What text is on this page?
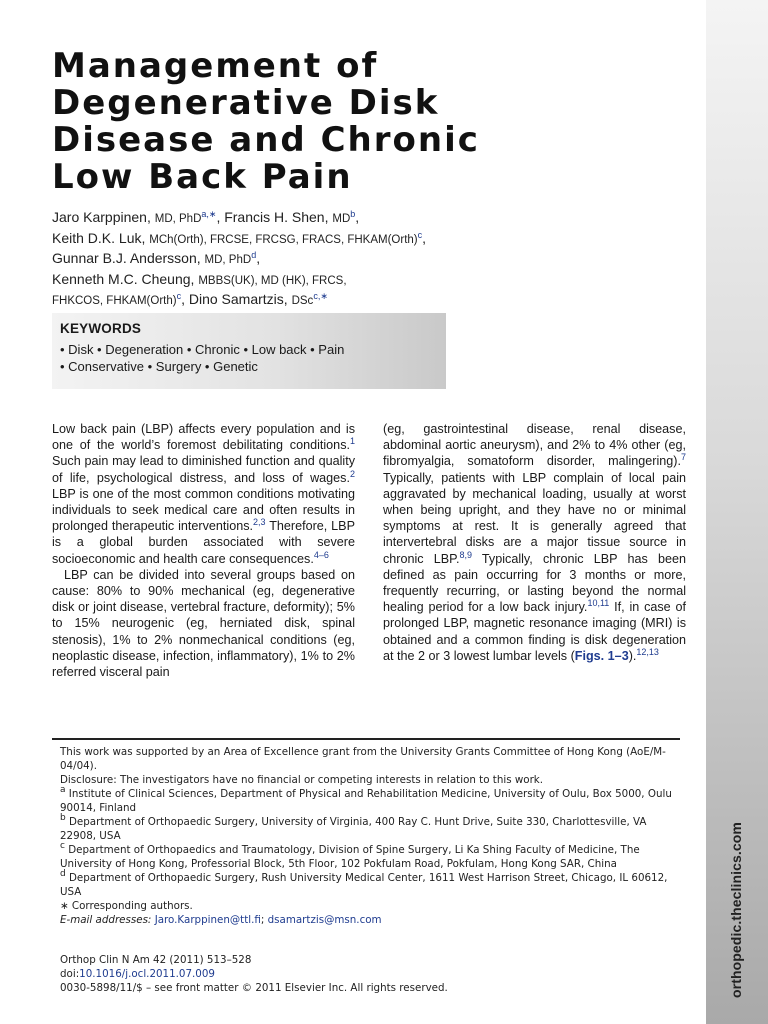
orthopedic.theclinics.com
Management of
Degenerative Disk
Disease and Chronic
Low Back Pain
Jaro Karppinen, MD, PhD$^{a,∗}$, Francis H. Shen, $MD^b$,
Keith D.K. Luk, MCh(Orth), FRCSE, FRCSG, FRACS, FHKAM(Orth)$^c$,
Gunnar B.J. Andersson, MD, PhD$^d$,
Kenneth M.C. Cheung, MBBS(UK), MD (HK), FRCS,
FHKCOS, FHKAM(Orth)$^c$, Dino Samartzis, DSc$^{c,∗}$
KEYWORDS
• Disk • Degeneration • Chronic • Low back • Pain
• Conservative • Surgery • Genetic

Low back pain (LBP) affects every population and is one of the world’s foremost debilitating conditions.$^1$ Such pain may lead to diminished function and quality of life, psychological distress, and loss of wages.$^2$ LBP is one of the most common conditions motivating individuals to seek medical care and often results in prolonged therapeutic interventions.$^{2,3}$ Therefore, LBP is a global burden associated with severe socioeconomic and health care consequences.$^{4-6}$

LBP can be divided into several groups based on cause: 80% to 90% mechanical (eg, degenerative disk or joint disease, vertebral fracture, deformity); 5% to 15% neurogenic (eg, herniated disk, spinal stenosis), 1% to 2% nonmechanical conditions (eg, neoplastic disease, infection, inflammatory), 1% to 2% referred visceral pain

(eg, gastrointestinal disease, renal disease, abdominal aortic aneurysm), and 2% to 4% other (eg, fibromyalgia, somatoform disorder, malingering).$^7$ Typically, patients with LBP complain of local pain aggravated by mechanical loading, usually at worst when being upright, and they have no or minimal symptoms at rest. It is generally agreed that intervertebral disks are a major tissue source in chronic LBP.$^{8,9}$ Typically, chronic LBP has been defined as pain occurring for 3 months or more, frequently recurring, or lasting beyond the normal healing period for a low back injury.$^{10,11}$ If, in case of prolonged LBP, magnetic resonance imaging (MRI) is obtained and a common finding is disk degeneration at the 2 or 3 lowest lumbar levels (Figs. 1–3).$^{12,13}$

This work was supported by an Area of Excellence grant from the University Grants Committee of Hong Kong (AoE/M-04/04).

Disclosure: The investigators have no financial or competing interests in relation to this work.

$^a$ Institute of Clinical Sciences, Department of Physical and Rehabilitation Medicine, University of Oulu, Box 5000, Oulu 90014, Finland

$^b$ Department of Orthopaedic Surgery, University of Virginia, 400 Ray C. Hunt Drive, Suite 330, Charlottesville, VA 22908, USA

$^c$ Department of Orthopaedics and Traumatology, Division of Spine Surgery, Li Ka Shing Faculty of Medicine, The University of Hong Kong, Professorial Block, 5th Floor, 102 Pokfulam Road, Pokfulam, Hong Kong SAR, China

$^d$ Department of Orthopaedic Surgery, Rush University Medical Center, 1611 West Harrison Street, Chicago, IL 60612, USA

∗ Corresponding authors.

E-mail addresses: Jaro.Karppinen@ttl.fi; dsamartzis@msn.com

Orthop Clin N Am 42 (2011) 513–528

doi:10.1016/j.ocl.2011.07.009

0030-5898/11/$ – see front matter © 2011 Elsevier Inc. All rights reserved.
